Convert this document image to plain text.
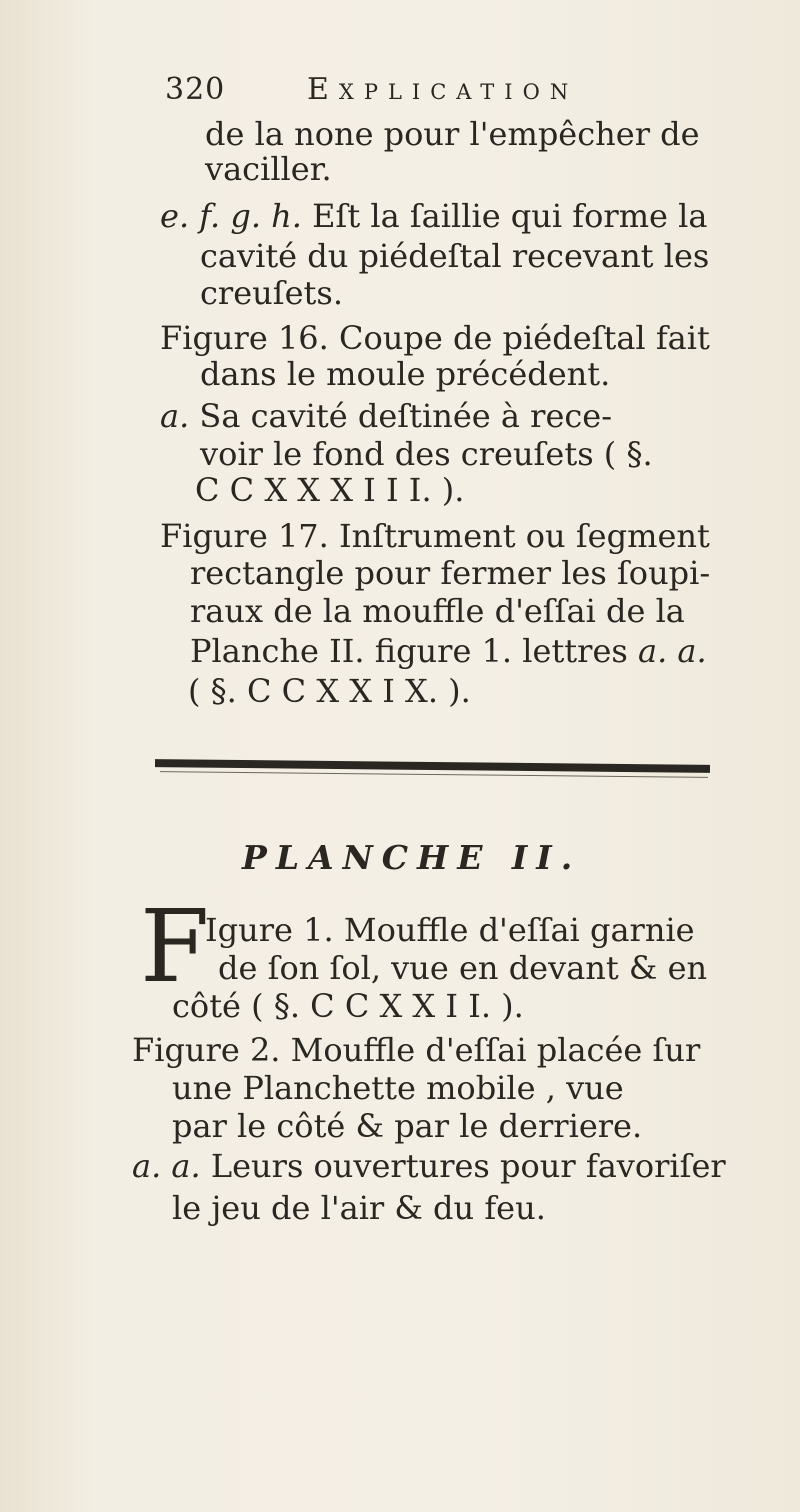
320	Explication
de la none pour l'empêcher de
vaciller.
e. f. g. h. Eſt la ſaillie qui forme la
cavité du piédeſtal recevant les
creuſets.
Figure 16. Coupe de piédeſtal fait
dans le moule précédent.
a. Sa cavité deſtinée à rece-
voir le fond des creuſets ( §.
C C X X X I I I. ).
Figure 17. Inſtrument ou ſegment
rectangle pour fermer les ſoupi-
raux de la mouffle d'eſſai de la
Planche II. figure 1. lettres a. a.
( §. C C X X I X. ).
PLANCHE II.
F
Igure 1. Mouffle d'eſſai garnie
de ſon ſol, vue en devant & en
côté ( §. C C X X I I. ).
Figure 2. Mouffle d'eſſai placée ſur
une Planchette mobile , vue
par le côté & par le derriere.
a. a. Leurs ouvertures pour favoriſer
le jeu de l'air & du feu.
